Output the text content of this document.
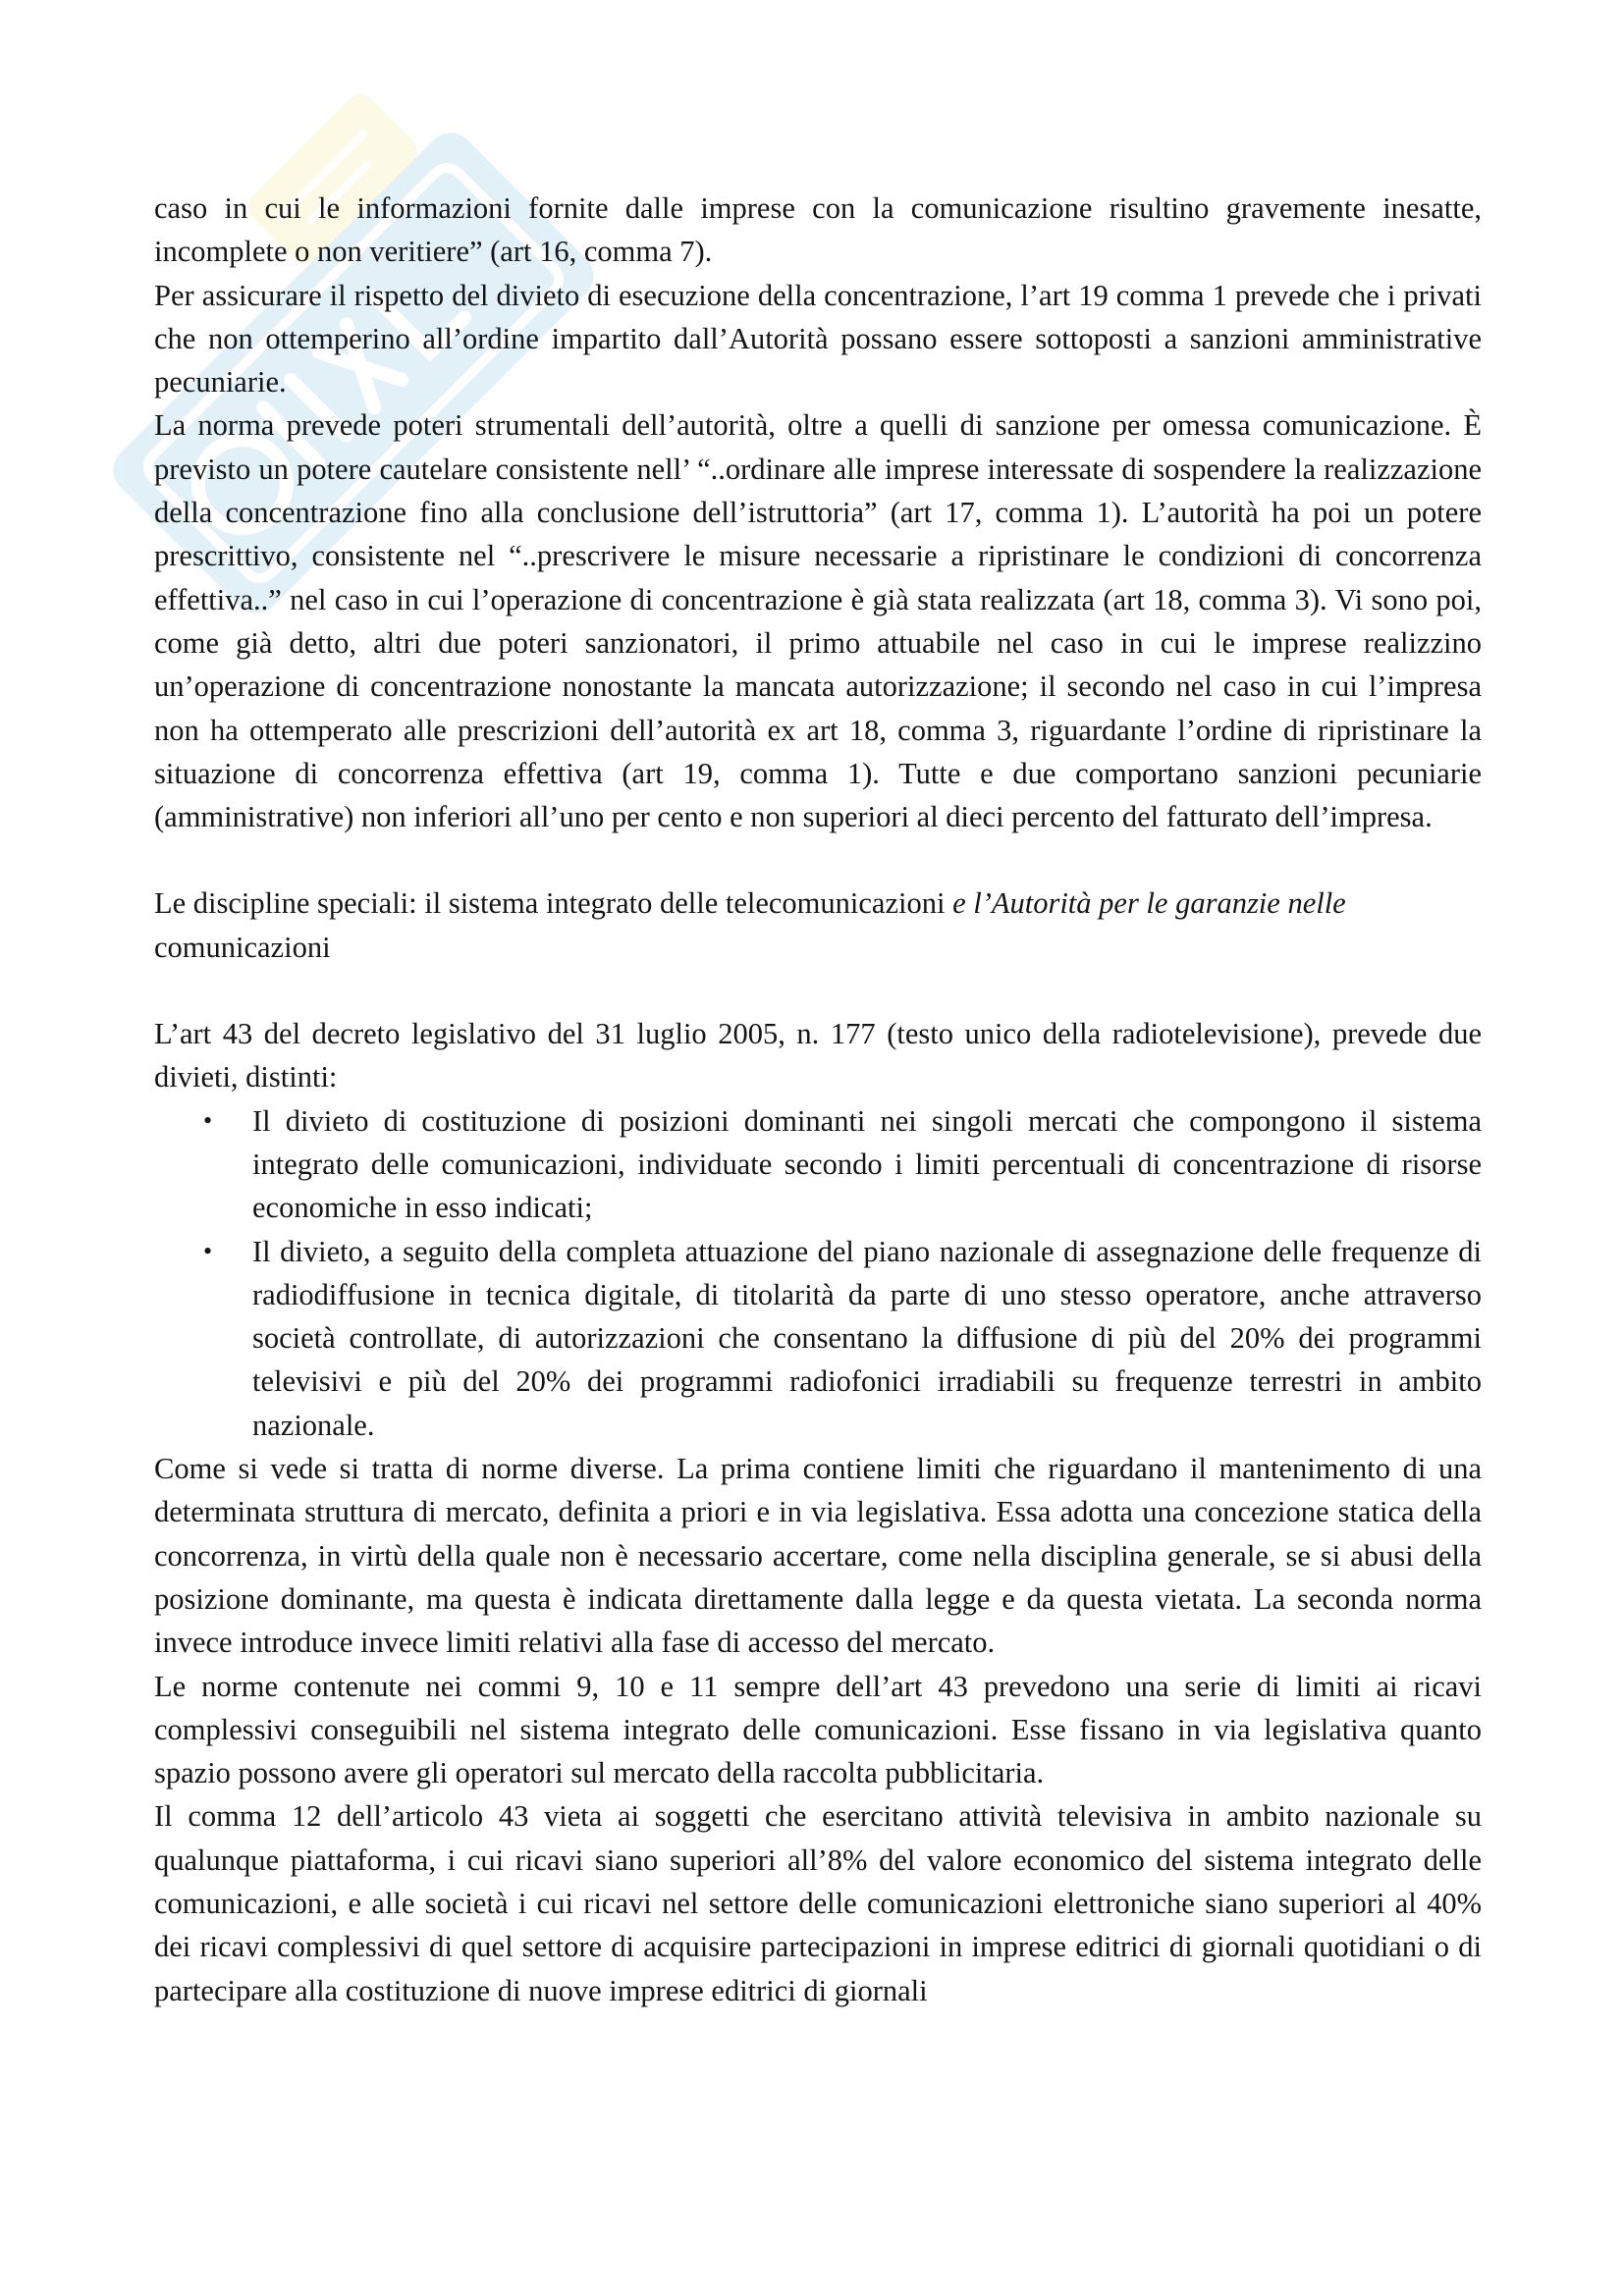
caso in cui le informazioni fornite dalle imprese con la comunicazione risultino gravemente inesatte, incomplete o non veritiere” (art 16, comma 7).

Per assicurare il rispetto del divieto di esecuzione della concentrazione, l’art 19 comma 1 prevede che i privati che non ottemperino all’ordine impartito dall’Autorità possano essere sottoposti a sanzioni amministrative pecuniarie.

La norma prevede poteri strumentali dell’autorità, oltre a quelli di sanzione per omessa comunicazione. È previsto un potere cautelare consistente nell’ “..ordinare alle imprese interessate di sospendere la realizzazione della concentrazione fino alla conclusione dell’istruttoria” (art 17, comma 1). L’autorità ha poi un potere prescrittivo, consistente nel “..prescrivere le misure necessarie a ripristinare le condizioni di concorrenza effettiva..” nel caso in cui l’operazione di concentrazione è già stata realizzata (art 18, comma 3). Vi sono poi, come già detto, altri due poteri sanzionatori, il primo attuabile nel caso in cui le imprese realizzino un’operazione di concentrazione nonostante la mancata autorizzazione; il secondo nel caso in cui l’impresa non ha ottemperato alle prescrizioni dell’autorità ex art 18, comma 3, riguardante l’ordine di ripristinare la situazione di concorrenza effettiva (art 19, comma 1). Tutte e due comportano sanzioni pecuniarie (amministrative) non inferiori all’uno per cento e non superiori al dieci percento del fatturato dell’impresa.

Le discipline speciali: il sistema integrato delle telecomunicazioni e l’Autorità per le garanzie nelle comunicazioni

L’art 43 del decreto legislativo del 31 luglio 2005, n. 177 (testo unico della radiotelevisione), prevede due divieti, distinti:

• Il divieto di costituzione di posizioni dominanti nei singoli mercati che compongono il sistema integrato delle comunicazioni, individuate secondo i limiti percentuali di concentrazione di risorse economiche in esso indicati;
• Il divieto, a seguito della completa attuazione del piano nazionale di assegnazione delle frequenze di radiodiffusione in tecnica digitale, di titolarità da parte di uno stesso operatore, anche attraverso società controllate, di autorizzazioni che consentano la diffusione di più del 20% dei programmi televisivi e più del 20% dei programmi radiofonici irradiabili su frequenze terrestri in ambito nazionale.

Come si vede si tratta di norme diverse. La prima contiene limiti che riguardano il mantenimento di una determinata struttura di mercato, definita a priori e in via legislativa. Essa adotta una concezione statica della concorrenza, in virtù della quale non è necessario accertare, come nella disciplina generale, se si abusi della posizione dominante, ma questa è indicata direttamente dalla legge e da questa vietata. La seconda norma invece introduce invece limiti relativi alla fase di accesso del mercato.

Le norme contenute nei commi 9, 10 e 11 sempre dell’art 43 prevedono una serie di limiti ai ricavi complessivi conseguibili nel sistema integrato delle comunicazioni. Esse fissano in via legislativa quanto spazio possono avere gli operatori sul mercato della raccolta pubblicitaria.

Il comma 12 dell’articolo 43 vieta ai soggetti che esercitano attività televisiva in ambito nazionale su qualunque piattaforma, i cui ricavi siano superiori all’8% del valore economico del sistema integrato delle comunicazioni, e alle società i cui ricavi nel settore delle comunicazioni elettroniche siano superiori al 40% dei ricavi complessivi di quel settore di acquisire partecipazioni in imprese editrici di giornali quotidiani o di partecipare alla costituzione di nuove imprese editrici di giornali
